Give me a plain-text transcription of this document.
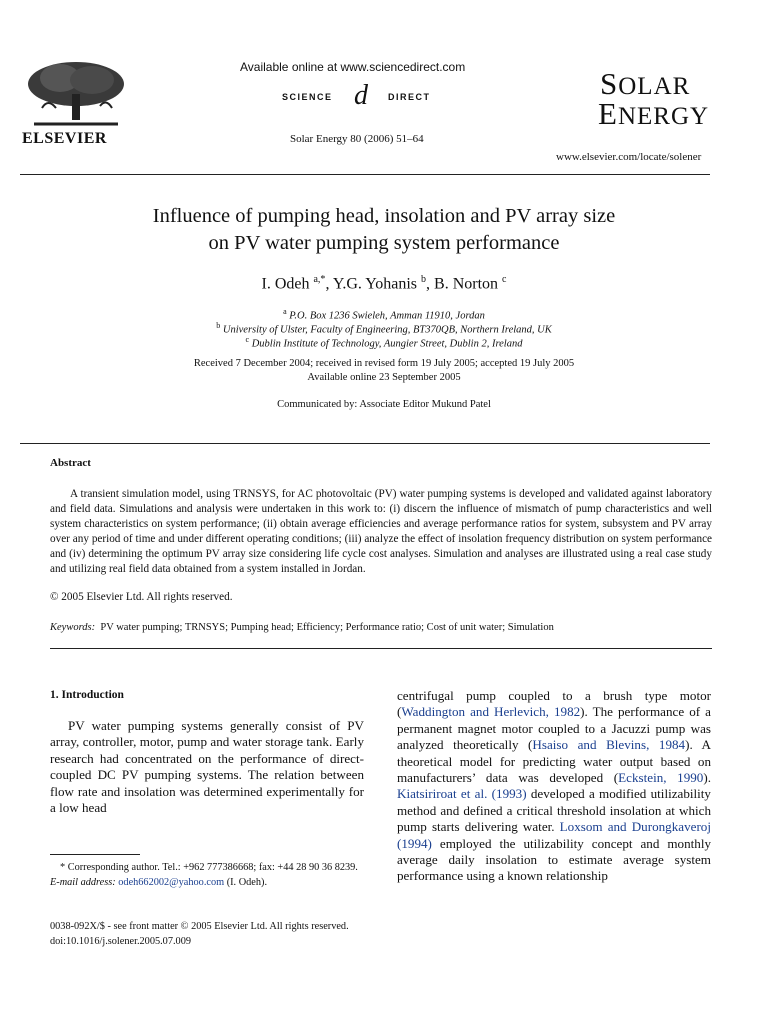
ELSEVIER
Available online at www.sciencedirect.com
SCIENCE d DIRECT
Solar Energy 80 (2006) 51–64
SOLAR
ENERGY
www.elsevier.com/locate/solener
Influence of pumping head, insolation and PV array size
on PV water pumping system performance
I. Odeh $^{a,*}$, Y.G. Yohanis $^b$, B. Norton $^c$
$^a$ P.O. Box 1236 Swieleh, Amman 11910, Jordan
$^b$ University of Ulster, Faculty of Engineering, BT370QB, Northern Ireland, UK
$^c$ Dublin Institute of Technology, Aungier Street, Dublin 2, Ireland
Received 7 December 2004; received in revised form 19 July 2005; accepted 19 July 2005
Available online 23 September 2005
Communicated by: Associate Editor Mukund Patel
Abstract
A transient simulation model, using TRNSYS, for AC photovoltaic (PV) water pumping systems is developed and validated against laboratory and field data. Simulations and analysis were undertaken in this work to: (i) discern the influence of mismatch of pump characteristics and well system characteristics on system performance; (ii) obtain average efficiencies and average performance ratios for system, subsystem and PV array over any period of time and under different operating conditions; (iii) analyze the effect of insolation frequency distribution on system performance and (iv) determining the optimum PV array size considering life cycle cost analyses. Simulation and analyses are illustrated using a real case study and utilizing real field data obtained from a system installed in Jordan.
© 2005 Elsevier Ltd. All rights reserved.
Keywords: PV water pumping; TRNSYS; Pumping head; Efficiency; Performance ratio; Cost of unit water; Simulation
1. Introduction
PV water pumping systems generally consist of PV array, controller, motor, pump and water storage tank. Early research had concentrated on the performance of direct-coupled DC PV pumping systems. The relation between flow rate and insolation was determined experimentally for a low head
centrifugal pump coupled to a brush type motor (Waddington and Herlevich, 1982). The performance of a permanent magnet motor coupled to a Jacuzzi pump was analyzed theoretically (Hsaiso and Blevins, 1984). A theoretical model for predicting water output based on manufacturers’ data was developed (Eckstein, 1990). Kiatsiriroat et al. (1993) developed a modified utilizability method and defined a critical threshold insolation at which pump starts delivering water. Loxsom and Durongkaveroj (1994) employed the utilizability concept and monthly average daily insolation to estimate average system performance using a known relationship
* Corresponding author. Tel.: +962 777386668; fax: +44 28 90 36 8239.
E-mail address: odeh662002@yahoo.com (I. Odeh).
0038-092X/$ - see front matter © 2005 Elsevier Ltd. All rights reserved.
doi:10.1016/j.solener.2005.07.009
